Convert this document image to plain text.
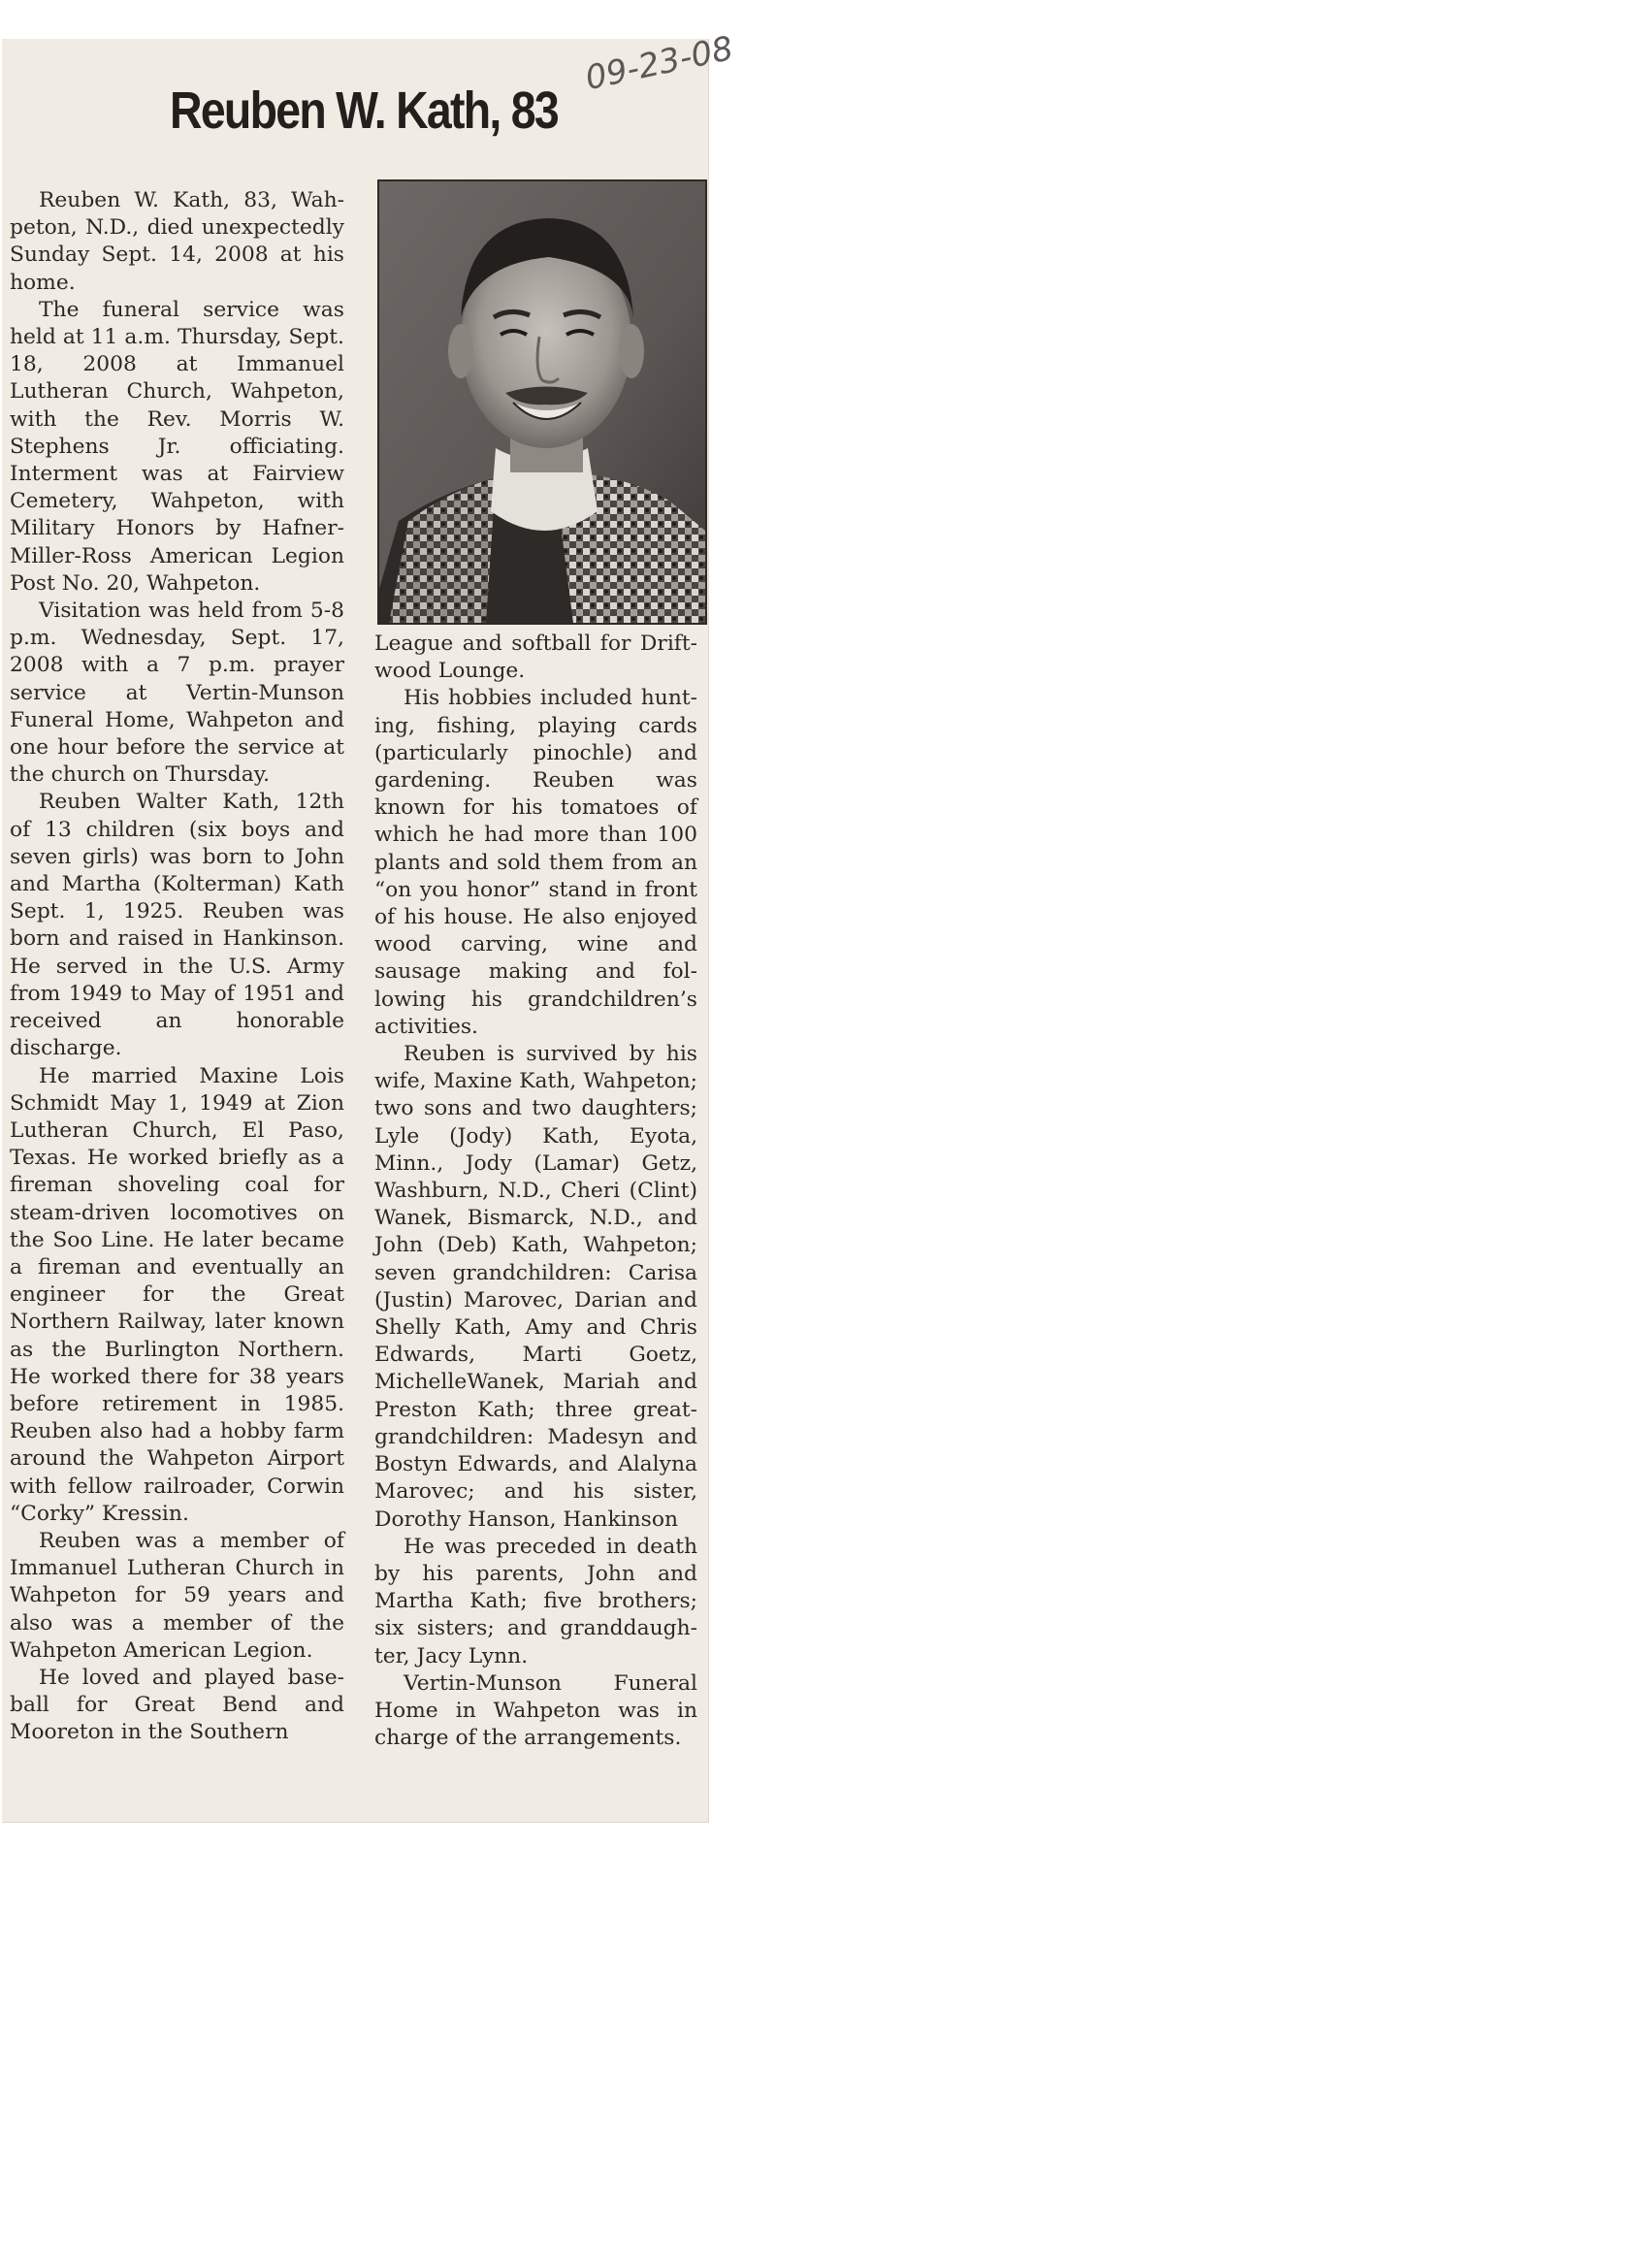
Reuben W. Kath, 83
09-23-08

Reuben W. Kath, 83, Wahpeton, N.D., died unexpectedly Sunday Sept. 14, 2008 at his home.

The funeral service was held at 11 a.m. Thursday, Sept. 18, 2008 at Immanuel Lutheran Church, Wahpeton, with the Rev. Morris W. Stephens Jr. officiating. Interment was at Fairview Cemetery, Wahpeton, with Military Honors by Hafner-Miller-Ross American Legion Post No. 20, Wahpeton.

Visitation was held from 5-8 p.m. Wednesday, Sept. 17, 2008 with a 7 p.m. prayer service at Vertin-Munson Funeral Home, Wahpeton and one hour before the service at the church on Thursday.

Reuben Walter Kath, 12th of 13 children (six boys and seven girls) was born to John and Martha (Kolterman) Kath Sept. 1, 1925. Reuben was born and raised in Hankinson. He served in the U.S. Army from 1949 to May of 1951 and received an honorable discharge.

He married Maxine Lois Schmidt May 1, 1949 at Zion Lutheran Church, El Paso, Texas. He worked briefly as a fireman shoveling coal for steam-driven locomotives on the Soo Line. He later became a fireman and eventually an engineer for the Great Northern Railway, later known as the Burlington Northern. He worked there for 38 years before retirement in 1985. Reuben also had a hobby farm around the Wahpeton Airport with fellow railroader, Corwin “Corky” Kressin.

Reuben was a member of Immanuel Lutheran Church in Wahpeton for 59 years and also was a member of the Wahpeton American Legion.

He loved and played baseball for Great Bend and Mooreton in the Southern

League and softball for Driftwood Lounge.

His hobbies included hunting, fishing, playing cards (particularly pinochle) and gardening. Reuben was known for his tomatoes of which he had more than 100 plants and sold them from an “on you honor” stand in front of his house. He also enjoyed wood carving, wine and sausage making and following his grandchildren’s activities.

Reuben is survived by his wife, Maxine Kath, Wahpeton; two sons and two daughters; Lyle (Jody) Kath, Eyota, Minn., Jody (Lamar) Getz, Washburn, N.D., Cheri (Clint) Wanek, Bismarck, N.D., and John (Deb) Kath, Wahpeton; seven grandchildren: Carisa (Justin) Marovec, Darian and Shelly Kath, Amy and Chris Edwards, Marti Goetz, MichelleWanek, Mariah and Preston Kath; three great-grandchildren: Madesyn and Bostyn Edwards, and Alalyna Marovec; and his sister, Dorothy Hanson, Hankinson

He was preceded in death by his parents, John and Martha Kath; five brothers; six sisters; and granddaughter, Jacy Lynn.

Vertin-Munson Funeral Home in Wahpeton was in charge of the arrangements.
